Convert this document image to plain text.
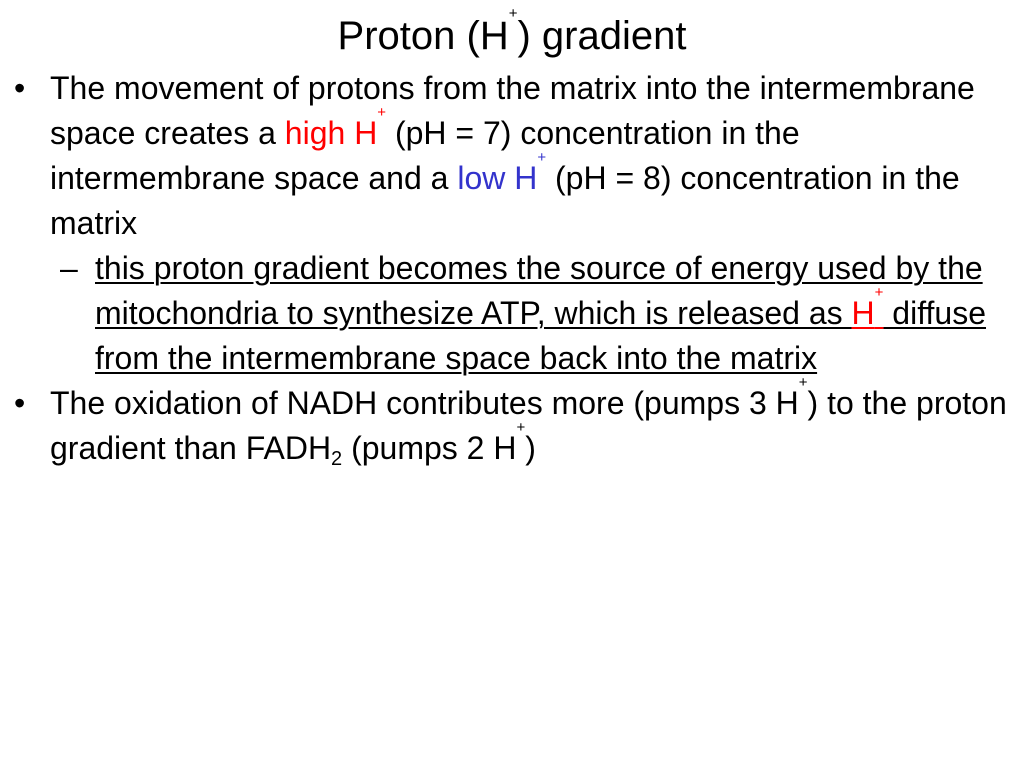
Proton (H+) gradient

• The movement of protons from the matrix into the intermembrane space creates a high H+ (pH = 7) concentration in the intermembrane space and a low H+ (pH = 8) concentration in the matrix

– this proton gradient becomes the source of energy used by the mitochondria to synthesize ATP, which is released as H+ diffuse from the intermembrane space back into the matrix

• The oxidation of NADH contributes more (pumps 3 H+) to the proton gradient than $FADH_2$ (pumps 2 H+)
